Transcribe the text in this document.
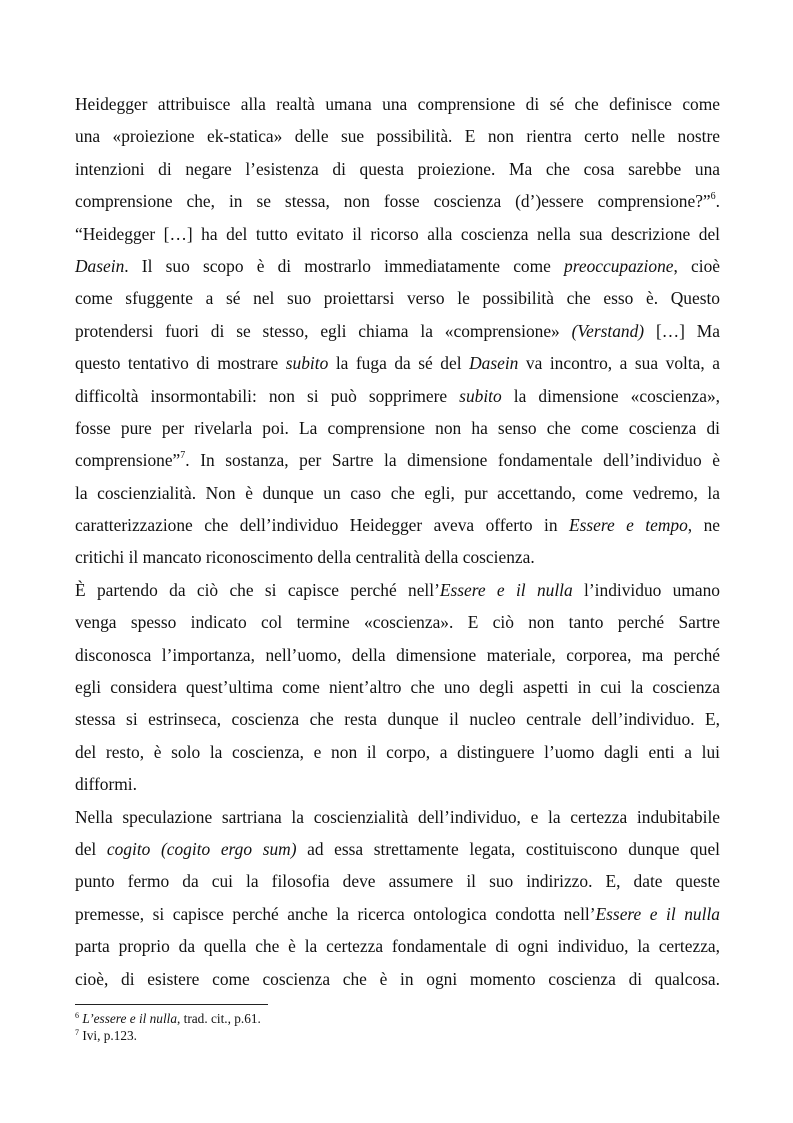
Heidegger attribuisce alla realtà umana una comprensione di sé che definisce come
una «proiezione ek-statica» delle sue possibilità. E non rientra certo nelle nostre
intenzioni di negare l’esistenza di questa proiezione. Ma che cosa sarebbe una
comprensione che, in se stessa, non fosse coscienza (d’)essere comprensione?”$^6$.
“Heidegger […] ha del tutto evitato il ricorso alla coscienza nella sua descrizione del
Dasein. Il suo scopo è di mostrarlo immediatamente come preoccupazione, cioè
come sfuggente a sé nel suo proiettarsi verso le possibilità che esso è. Questo
protendersi fuori di se stesso, egli chiama la «comprensione» (Verstand) […] Ma
questo tentativo di mostrare subito la fuga da sé del Dasein va incontro, a sua volta, a
difficoltà insormontabili: non si può sopprimere subito la dimensione «coscienza»,
fosse pure per rivelarla poi. La comprensione non ha senso che come coscienza di
comprensione”$^7$. In sostanza, per Sartre la dimensione fondamentale dell’individuo è
la coscienzialità. Non è dunque un caso che egli, pur accettando, come vedremo, la
caratterizzazione che dell’individuo Heidegger aveva offerto in Essere e tempo, ne
critichi il mancato riconoscimento della centralità della coscienza.
È partendo da ciò che si capisce perché nell’Essere e il nulla l’individuo umano
venga spesso indicato col termine «coscienza». E ciò non tanto perché Sartre
disconosca l’importanza, nell’uomo, della dimensione materiale, corporea, ma perché
egli considera quest’ultima come nient’altro che uno degli aspetti in cui la coscienza
stessa si estrinseca, coscienza che resta dunque il nucleo centrale dell’individuo. E,
del resto, è solo la coscienza, e non il corpo, a distinguere l’uomo dagli enti a lui
difformi.
Nella speculazione sartriana la coscienzialità dell’individuo, e la certezza indubitabile
del cogito (cogito ergo sum) ad essa strettamente legata, costituiscono dunque quel
punto fermo da cui la filosofia deve assumere il suo indirizzo. E, date queste
premesse, si capisce perché anche la ricerca ontologica condotta nell’Essere e il nulla
parta proprio da quella che è la certezza fondamentale di ogni individuo, la certezza,
cioè, di esistere come coscienza che è in ogni momento coscienza di qualcosa.
$^6$ L’essere e il nulla, trad. cit., p.61.
$^7$ Ivi, p.123.
